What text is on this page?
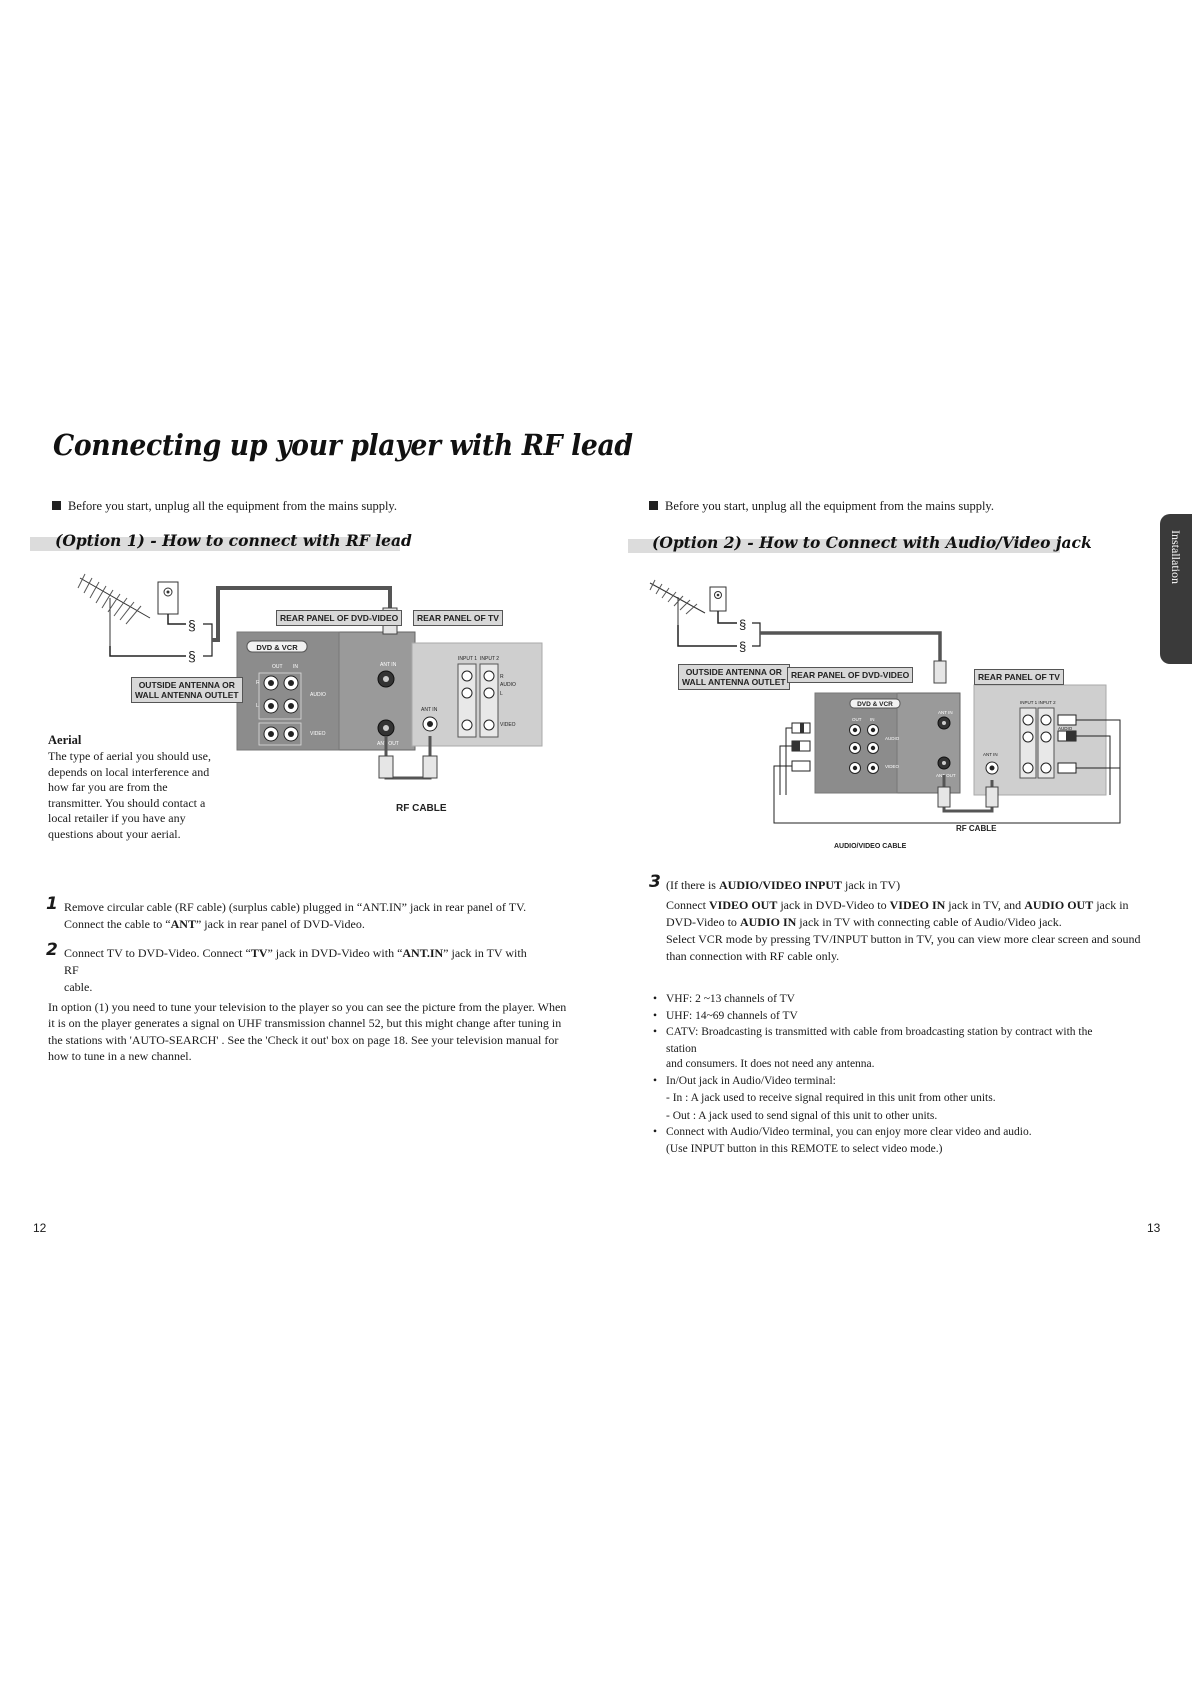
Connecting up your player with RF lead
Before you start, unplug all the equipment from the mains supply.
(Option 1) - How to connect with RF lead
§
§
DVD & VCR
OUT IN
R
L
AUDIO
VIDEO
ANT IN
ANT OUT
INPUT 1 INPUT 2
R
AUDIO
L
VIDEO
ANT IN
RF CABLE
REAR PANEL OF DVD-VIDEO	REAR PANEL OF TV
OUTSIDE ANTENNA OR
WALL ANTENNA OUTLET
Aerial
The type of aerial you should use,
depends on local interference and
how far you are from the
transmitter. You should contact a
local retailer if you have any
questions about your aerial.
1 Remove circular cable (RF cable) (surplus cable) plugged in “ANT.IN” jack in rear panel of TV.
Connect the cable to “ANT” jack in rear panel of DVD-Video.
2 Connect TV to DVD-Video. Connect “TV” jack in DVD-Video with “ANT.IN” jack in TV with RF
cable.
In option (1) you need to tune your television to the player so you can see the picture from the player. When
it is on the player generates a signal on UHF transmission channel 52, but this might change after tuning in
the stations with 'AUTO-SEARCH' . See the 'Check it out' box on page 18. See your television manual for
how to tune in a new channel.
12
Before you start, unplug all the equipment from the mains supply.
(Option 2) - How to Connect with Audio/Video jack
§
§
DVD & VCR
OUT IN
AUDIO
VIDEO
ANT IN
ANT OUT
INPUT 1 INPUT 2
AUDIO
ANT IN
RF CABLE
AUDIO/VIDEO CABLE
OUTSIDE ANTENNA OR
WALL ANTENNA OUTLET
REAR PANEL OF DVD-VIDEO	REAR PANEL OF TV
3 (If there is AUDIO/VIDEO INPUT jack in TV)
Connect VIDEO OUT jack in DVD-Video to VIDEO IN jack in TV, and AUDIO OUT jack in
DVD-Video to AUDIO IN jack in TV with connecting cable of Audio/Video jack.
Select VCR mode by pressing TV/INPUT button in TV, you can view more clear screen and sound
than connection with RF cable only.
• VHF: 2 ~13 channels of TV
• UHF: 14~69 channels of TV
• CATV: Broadcasting is transmitted with cable from broadcasting station by contract with the station
and consumers. It does not need any antenna.
• In/Out jack in Audio/Video terminal:
- In : A jack used to receive signal required in this unit from other units.
- Out : A jack used to send signal of this unit to other units.
• Connect with Audio/Video terminal, you can enjoy more clear video and audio.
(Use INPUT button in this REMOTE to select video mode.)
13
Installation
